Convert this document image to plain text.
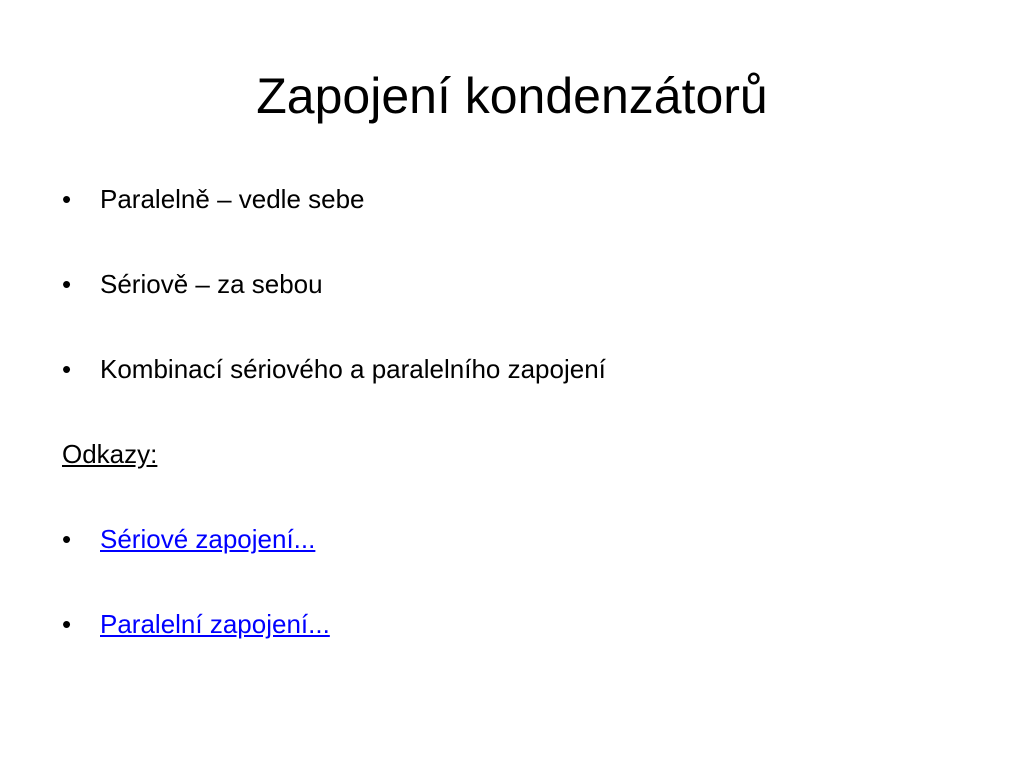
Zapojení kondenzátorů
•	Paralelně – vedle sebe
•	Sériově – za sebou
•	Kombinací sériového a paralelního zapojení
Odkazy:
•	Sériové zapojení...
•	Paralelní zapojení...
